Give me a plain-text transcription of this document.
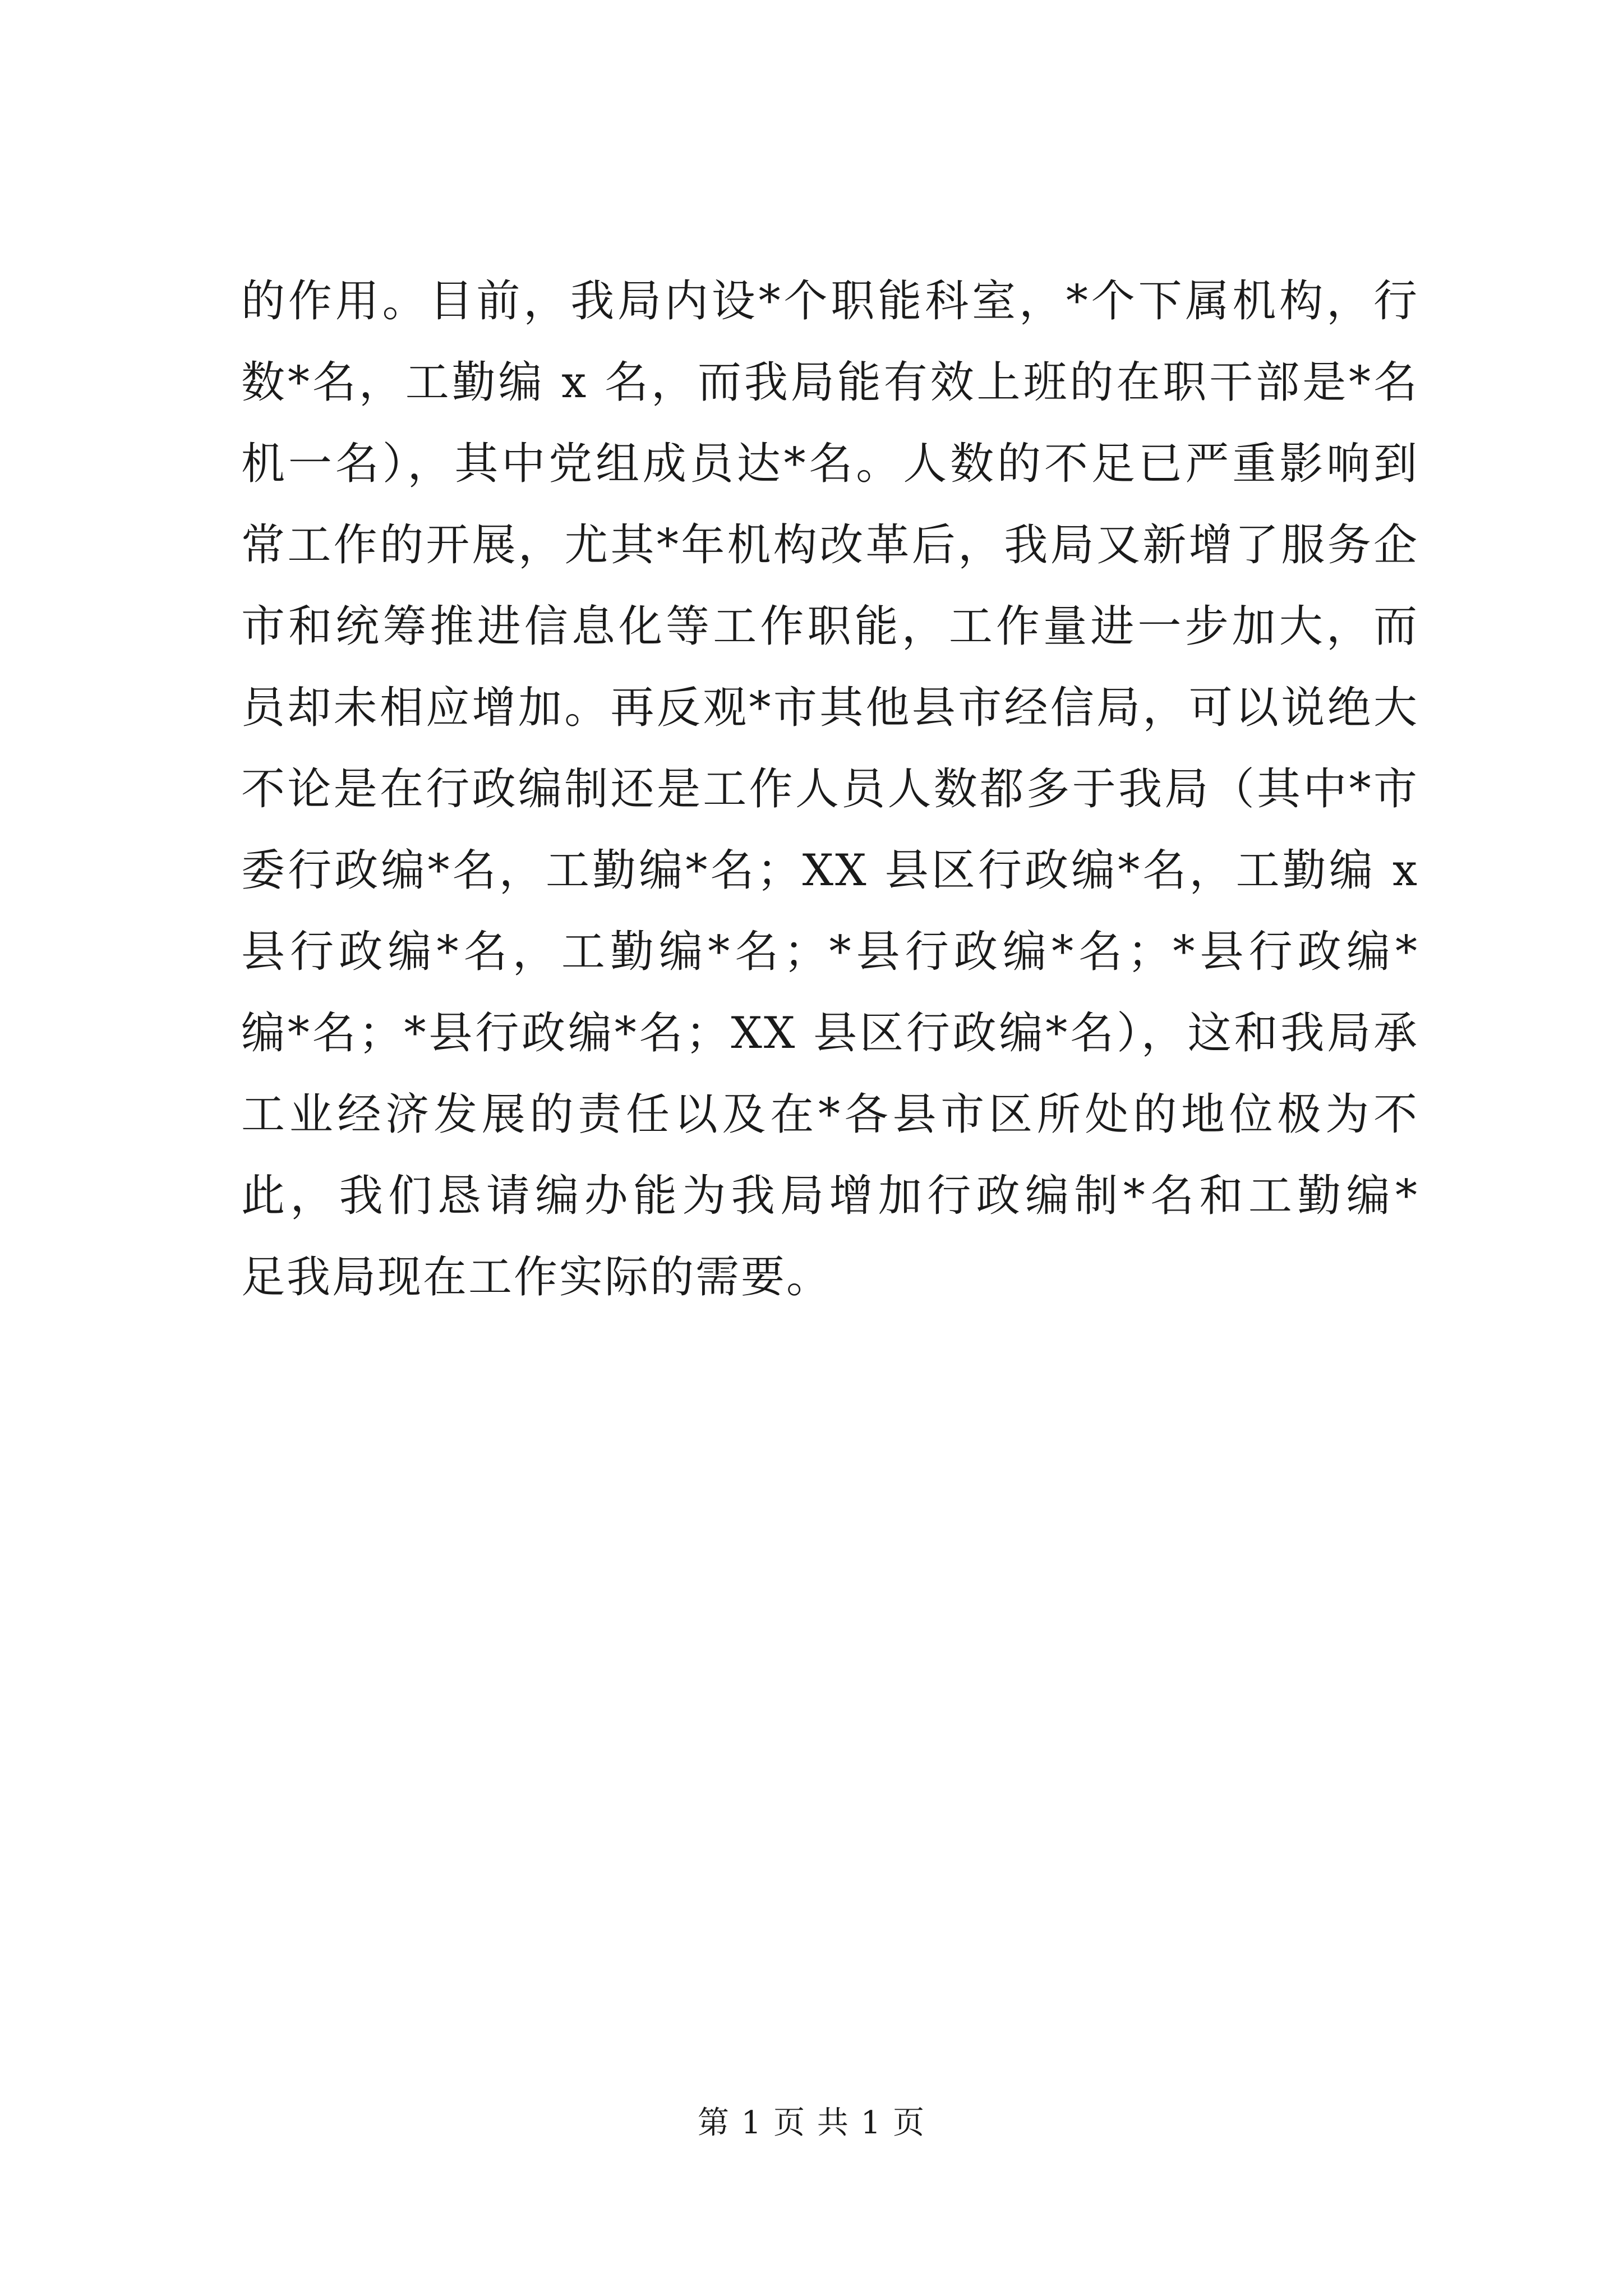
的作用。目前，我局内设*个职能科室，*个下属机构，行
数*名，工勤编 x 名，而我局能有效上班的在职干部是*名
机一名），其中党组成员达*名。人数的不足已严重影响到
常工作的开展，尤其*年机构改革后，我局又新增了服务企
市和统筹推进信息化等工作职能，工作量进一步加大，而
员却未相应增加。再反观*市其他县市经信局，可以说绝大
不论是在行政编制还是工作人员人数都多于我局（其中*市
委行政编*名，工勤编*名；XX 县区行政编*名，工勤编 x
县行政编*名，工勤编*名；*县行政编*名；*县行政编*
编*名；*县行政编*名；XX 县区行政编*名），这和我局承
工业经济发展的责任以及在*各县市区所处的地位极为不
此，我们恳请编办能为我局增加行政编制*名和工勤编*
足我局现在工作实际的需要。
第 1 页 共 1 页
